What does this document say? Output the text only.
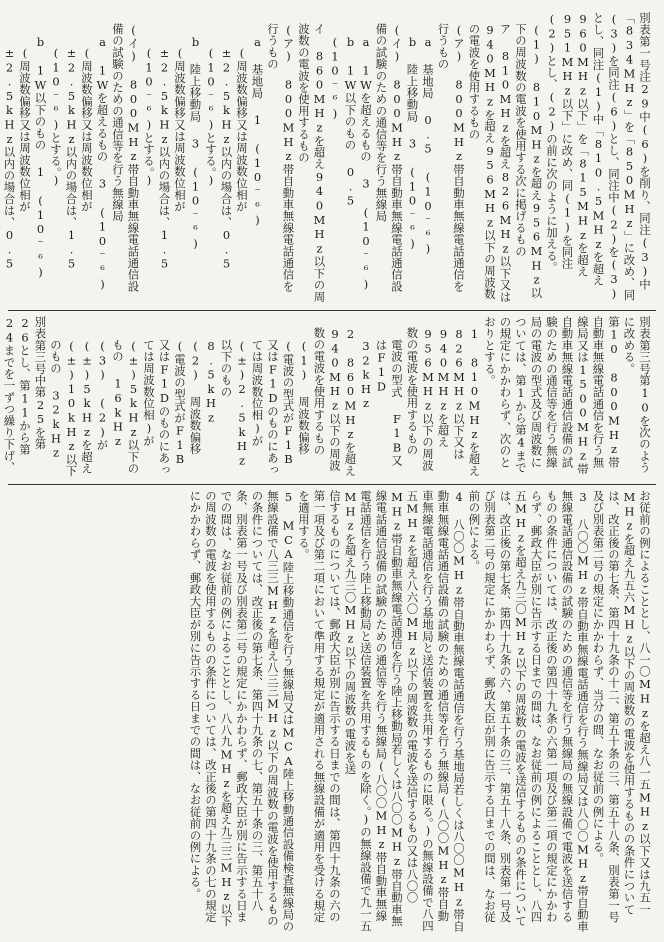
別表第一号注29中(6)を削り、同注(3)中「834MHz」を「850MHz」に改め、同(3)を同注(6)とし、同注中(2)を(3)とし、同注(1)中「810.5MHzを超え960MHz以下」を「815MHzを超え951MHz以下」に改め、同(1)を同注(2)とし、(2)の前に次のように加える。

(1) 810MHzを超え956MHz以下の周波数の電波を使用する次に掲げるもの

ア 810MHzを超え826MHz以下又は940MHzを超え956MHz以下の周波数の電波を使用するもの

(ア) 800MHz帯自動車無線電話通信を行うもの

a 基地局 0.5 (10⁻⁶)

b 陸上移動局 3 (10⁻⁶)

(イ) 800MHz帯自動車無線電話通信設備の試験のための通信等を行う無線局

a 1Wを超えるもの 3 (10⁻⁶)

b 1W以下のもの 0.5 (10⁻⁶)

イ 860MHzを超え940MHz以下の周波数の電波を使用するもの

(ア) 800MHz帯自動車無線電話通信を行うもの

a 基地局 1 (10⁻⁶)

(周波数偏移又は周波数位相が±2.5kHz以内の場合は、0.5 (10⁻⁶)とする。)

b 陸上移動局 3 (10⁻⁶)

(周波数偏移又は周波数位相が±2.5kHz以内の場合は、1.5 (10⁻⁶)とする。)

(イ) 800MHz帯自動車無線電話通信設備の試験のための通信等を行う無線局

a 1Wを超えるもの 3 (10⁻⁶)

(周波数偏移又は周波数位相が±2.5kHz以内の場合は、1.5 (10⁻⁶)とする。)

b 1W以下のもの 1 (10⁻⁶)

(周波数偏移又は周波数位相が±2.5kHz以内の場合は、0.5

別表第三号第10を次のように改める。

第10 800MHz帯自動車無線電話通信を行う無線局又は1500MHz帯自動車無線電話通信設備の試験のための通信等を行う無線局の電波の型式及び周波数については、第1から第4までの規定にかかわらず、次のとおりとする。

1 810MHzを超え826MHz以下又は940MHzを超え956MHz以下の周波数の電波を使用するもの

電波の型式 F1B又はF1D 32kHz

2 860MHzを超え940MHz以下の周波数の電波を使用するもの

(1) 周波数偏移(電波の型式がF1B又はF1Dのものにあっては周波数位相)が(±)2.5kHz以下のもの 8.5kHz

(2) 周波数偏移(電波の型式がF1B又はF1Dのものにあっては周波数位相)が(±)5kHz以下のもの 16kHz

(3) (2)が(±)5kHzを超え(±)10kHz以下のもの 32kHz

別表第三号中第25を第26とし、第11から第24までを一ずつ繰り下げ、

お従前の例によることとし、八一〇MHzを超え八一五MHz以下又は九五一MHzを超え九五六MHz以下の周波数の電波を使用するものの条件については、改正後の第七条、第四十九条の十二、第五十条の三、第五十八条、別表第一号及び別表第二号の規定にかかわらず、当分の間、なお従前の例による。

3 八〇〇MHz帯自動車無線電話通信を行う無線局又は八〇〇MHz帯自動車無線電話通信設備の試験のための通信等を行う無線局の無線設備で電波を送信するものの条件については、改正後の第四十九条の六第一項及び第二項の規定にかかわらず、郵政大臣が別に告示する日までの間は、なお従前の例によることとし、八四五MHzを超え九三〇MHz以下の周波数の電波を送信するものの条件については、改正後の第七条、第四十九条の六、第五十条の三、第五十八条、別表第一号及び別表第二号の規定にかかわらず、郵政大臣が別に告示する日までの間は、なお従前の例による。

4 八〇〇MHz帯自動車無線電話通信を行う基地局若しくは八〇〇MHz帯自動車無線電話通信設備の試験のための通信等を行う無線局(八〇〇MHz帯自動車無線電話通信を行う基地局と送信装置を共用するものに限る。)の無線設備で八四五MHzを超え八六〇MHz以下の周波数の電波を送信するもの又は八〇〇MHz帯自動車無線電話通信を行う陸上移動局若しくは八〇〇MHz帯自動車無線電話通信設備の試験のための通信等を行う無線局(八〇〇MHz帯自動車無線電話通信を行う陸上移動局と送信装置を共用するものを除く。)の無線設備で九一五MHzを超え九三〇MHz以下の周波数の電波を送

信するものについては、郵政大臣が別に告示する日までの間は、第四十九条の六の第一項及び第二項において準用する規定が適用される無線設備が適用を受ける規定を適用する。

5 MCA陸上移動通信を行う無線局又はMCA陸上移動通信設備検査無線局の無線設備で八三三MHzを超え八三三MHz以下の周波数の電波を使用するものの条件については、改正後の第七条、第四十九条の七、第五十条の三、第五十八条、別表第一号及び別表第二号の規定にかかわらず、郵政大臣が別に告示する日までの間は、なお従前の例によることとし、八八九MHzを超え九三三MHz以下の周波数の電波を使用するものの条件については、改正後の第四十九条の七の規定にかかわらず、郵政大臣が別に告示する日までの間は、なお従前の例による。
